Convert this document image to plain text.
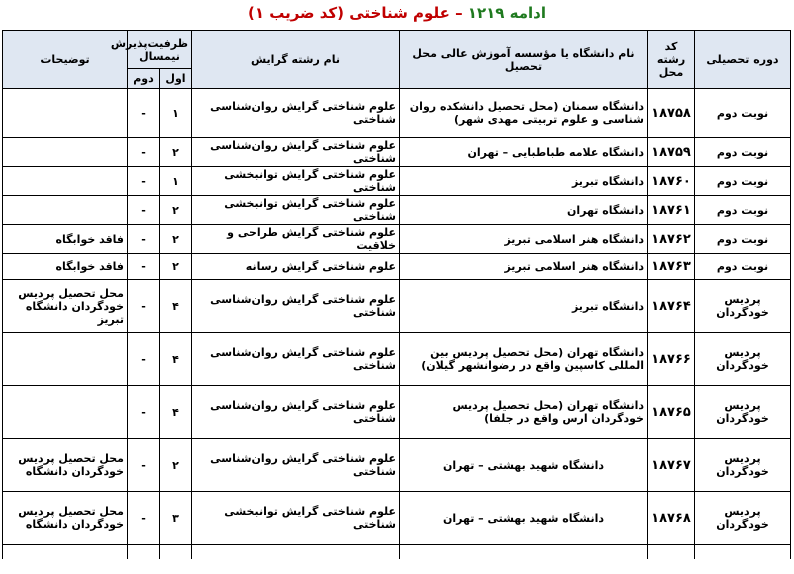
ادامه ۱۲۱۹ – علوم شناختی (کد ضریب ۱)
دوره تحصیلی	کد رشته محل	نام دانشگاه یا مؤسسه آموزش عالی محل تحصیل	نام رشته گرایش	ظرفیت‌پذیرش نیمسال		توضیحات
				اول	دوم	
نوبت دوم	۱۸۷۵۸	دانشگاه سمنان (محل تحصیل دانشکده روان شناسی و علوم تربیتی مهدی شهر)	علوم شناختی گرایش روان‌شناسی شناختی	۱	-	
نوبت دوم	۱۸۷۵۹	دانشگاه علامه طباطبایی – تهران	علوم شناختی گرایش روان‌شناسی شناختی	۲	-	
نوبت دوم	۱۸۷۶۰	دانشگاه تبریز	علوم شناختی گرایش توانبخشی شناختی	۱	-	
نوبت دوم	۱۸۷۶۱	دانشگاه تهران	علوم شناختی گرایش توانبخشی شناختی	۲	-	
نوبت دوم	۱۸۷۶۲	دانشگاه هنر اسلامی تبریز	علوم شناختی گرایش طراحی و خلاقیت	۲	-	فاقد خوابگاه
نوبت دوم	۱۸۷۶۳	دانشگاه هنر اسلامی تبریز	علوم شناختی گرایش رسانه	۲	-	فاقد خوابگاه
پردیس خودگردان	۱۸۷۶۴	دانشگاه تبریز	علوم شناختی گرایش روان‌شناسی شناختی	۴	-	محل تحصیل پردیس خودگردان دانشگاه تبریز
پردیس خودگردان	۱۸۷۶۶	دانشگاه تهران (محل تحصیل پردیس بین المللی کاسپین واقع در رضوانشهر گیلان)	علوم شناختی گرایش روان‌شناسی شناختی	۴	-	
پردیس خودگردان	۱۸۷۶۵	دانشگاه تهران (محل تحصیل پردیس خودگردان ارس واقع در جلفا)	علوم شناختی گرایش روان‌شناسی شناختی	۴	-	
پردیس خودگردان	۱۸۷۶۷	دانشگاه شهید بهشتی – تهران	علوم شناختی گرایش روان‌شناسی شناختی	۲	-	محل تحصیل پردیس خودگردان دانشگاه
پردیس خودگردان	۱۸۷۶۸	دانشگاه شهید بهشتی – تهران	علوم شناختی گرایش توانبخشی شناختی	۳	-	محل تحصیل پردیس خودگردان دانشگاه
